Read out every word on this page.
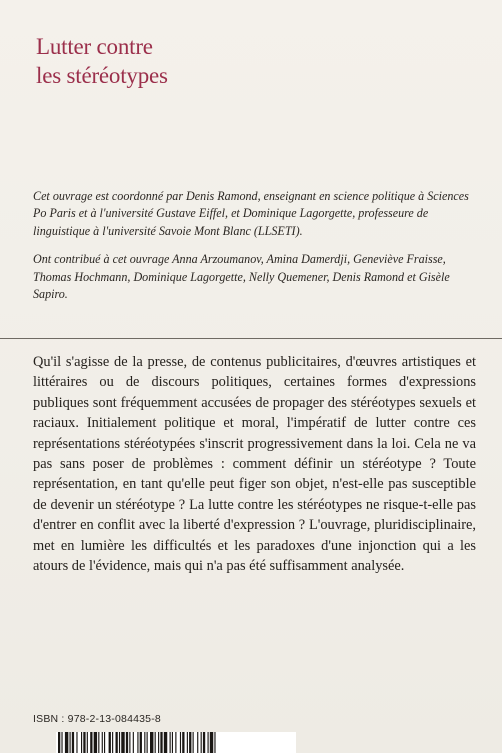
Lutter contre
les stéréotypes

Cet ouvrage est coordonné par Denis Ramond, enseignant en science politique à Sciences Po Paris et à l'université Gustave Eiffel, et Dominique Lagorgette, professeure de linguistique à l'université Savoie Mont Blanc (LLSETI).

Ont contribué à cet ouvrage Anna Arzoumanov, Amina Damerdji, Geneviève Fraisse, Thomas Hochmann, Dominique Lagorgette, Nelly Quemener, Denis Ramond et Gisèle Sapiro.

Qu'il s'agisse de la presse, de contenus publicitaires, d'œuvres artistiques et littéraires ou de discours politiques, certaines formes d'expressions publiques sont fréquemment accusées de propager des stéréotypes sexuels et raciaux. Initialement politique et moral, l'impératif de lutter contre ces représentations stéréotypées s'inscrit progressivement dans la loi. Cela ne va pas sans poser de problèmes : comment définir un stéréotype ? Toute représentation, en tant qu'elle peut figer son objet, n'est-elle pas susceptible de devenir un stéréotype ? La lutte contre les stéréotypes ne risque-t-elle pas d'entrer en conflit avec la liberté d'expression ? L'ouvrage, pluridisciplinaire, met en lumière les difficultés et les paradoxes d'une injonction qui a les atours de l'évidence, mais qui n'a pas été suffisamment analysée.

ISBN : 978-2-13-084435-8
